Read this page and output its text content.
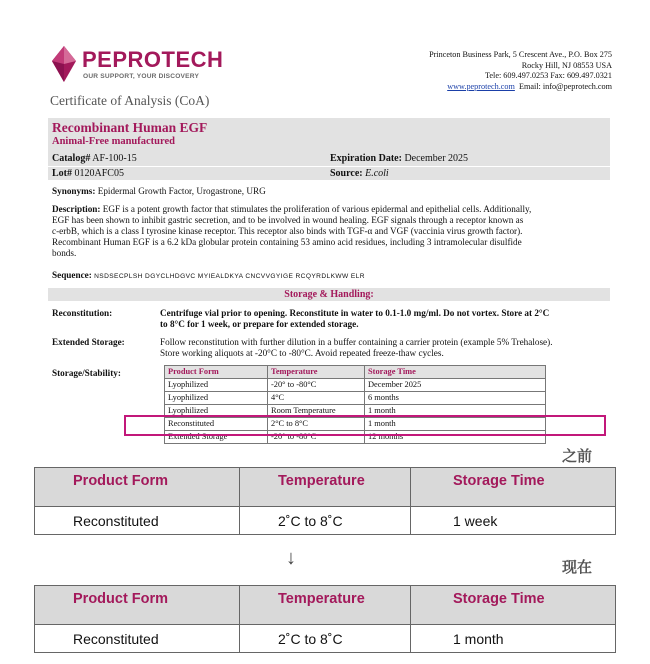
PEPROTECH
OUR SUPPORT, YOUR DISCOVERY
Princeton Business Park, 5 Crescent Ave., P.O. Box 275
Rocky Hill, NJ 08553 USA
Tele: 609.497.0253 Fax: 609.497.0321
www.peprotech.com Email: info@peprotech.com
Certificate of Analysis (CoA)
Recombinant Human EGF
Animal-Free manufactured
Catalog# AF-100-15	Expiration Date: December 2025
Lot# 0120AFC05	Source: E.coli
Synonyms: Epidermal Growth Factor, Urogastrone, URG
Description: EGF is a potent growth factor that stimulates the proliferation of various epidermal and epithelial cells. Additionally,
EGF has been shown to inhibit gastric secretion, and to be involved in wound healing. EGF signals through a receptor known as
c-erbB, which is a class I tyrosine kinase receptor. This receptor also binds with TGF-α and VGF (vaccinia virus growth factor).
Recombinant Human EGF is a 6.2 kDa globular protein containing 53 amino acid residues, including 3 intramolecular disulfide
bonds.
Sequence: NSDSECPLSH DGYCLHDGVC MYIEALDKYA CNCVVGYIGE RCQYRDLKWW ELR
Storage & Handling:
Reconstitution:	Centrifuge vial prior to opening. Reconstitute in water to 0.1-1.0 mg/ml. Do not vortex. Store at 2°C
to 8°C for 1 week, or prepare for extended storage.
Extended Storage:	Follow reconstitution with further dilution in a buffer containing a carrier protein (example 5% Trehalose).
Store working aliquots at -20°C to -80°C. Avoid repeated freeze-thaw cycles.
Storage/Stability:	Product Form	Temperature	Storage Time
Lyophilized	-20° to -80°C	December 2025
Lyophilized	4°C	6 months
Lyophilized	Room Temperature	1 month
Reconstituted	2°C to 8°C	1 month
Extended Storage	-20° to -80°C	12 months
之前
Product Form	Temperature	Storage Time

Reconstituted	2˚C to 8˚C	1 week
↓	现在
Product Form	Temperature	Storage Time

Reconstituted	2˚C to 8˚C	1 month
